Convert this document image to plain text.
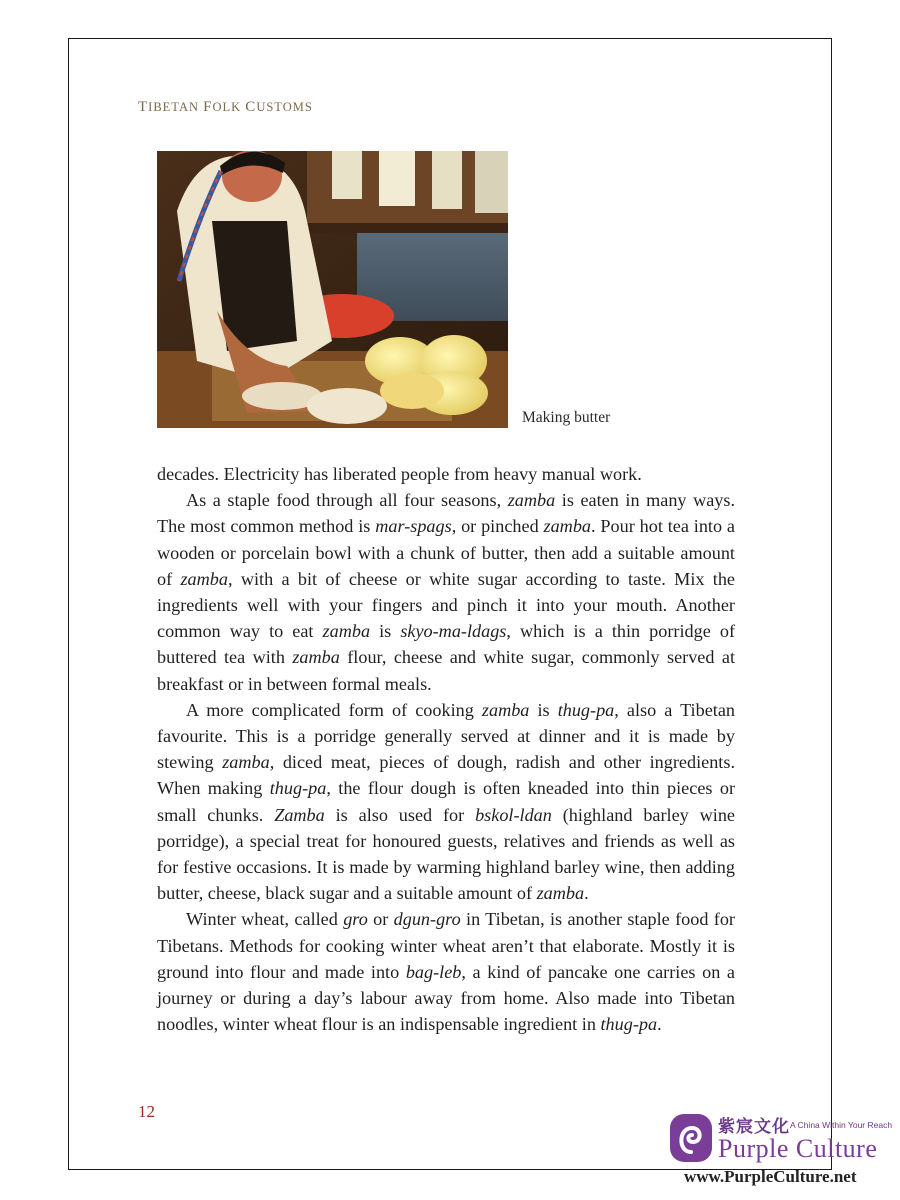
TIBETAN FOLK CUSTOMS
Making butter

decades. Electricity has liberated people from heavy manual work.

As a staple food through all four seasons, zamba is eaten in many ways. The most common method is mar-spags, or pinched zamba. Pour hot tea into a wooden or porcelain bowl with a chunk of butter, then add a suitable amount of zamba, with a bit of cheese or white sugar according to taste. Mix the ingredients well with your fingers and pinch it into your mouth. Another common way to eat zamba is skyo-ma-ldags, which is a thin porridge of buttered tea with zamba flour, cheese and white sugar, commonly served at breakfast or in between formal meals.

A more complicated form of cooking zamba is thug-pa, also a Tibetan favourite. This is a porridge generally served at dinner and it is made by stewing zamba, diced meat, pieces of dough, radish and other ingredients. When making thug-pa, the flour dough is often kneaded into thin pieces or small chunks. Zamba is also used for bskol-ldan (highland barley wine porridge), a special treat for honoured guests, relatives and friends as well as for festive occasions. It is made by warming highland barley wine, then adding butter, cheese, black sugar and a suitable amount of zamba.

Winter wheat, called gro or dgun-gro in Tibetan, is another staple food for Tibetans. Methods for cooking winter wheat aren’t that elaborate. Mostly it is ground into flour and made into bag-leb, a kind of pancake one carries on a journey or during a day’s labour away from home. Also made into Tibetan noodles, winter wheat flour is an indispensable ingredient in thug-pa.

12
紫宸文化 A China Within Your Reach
Purple Culture
www.PurpleCulture.net
